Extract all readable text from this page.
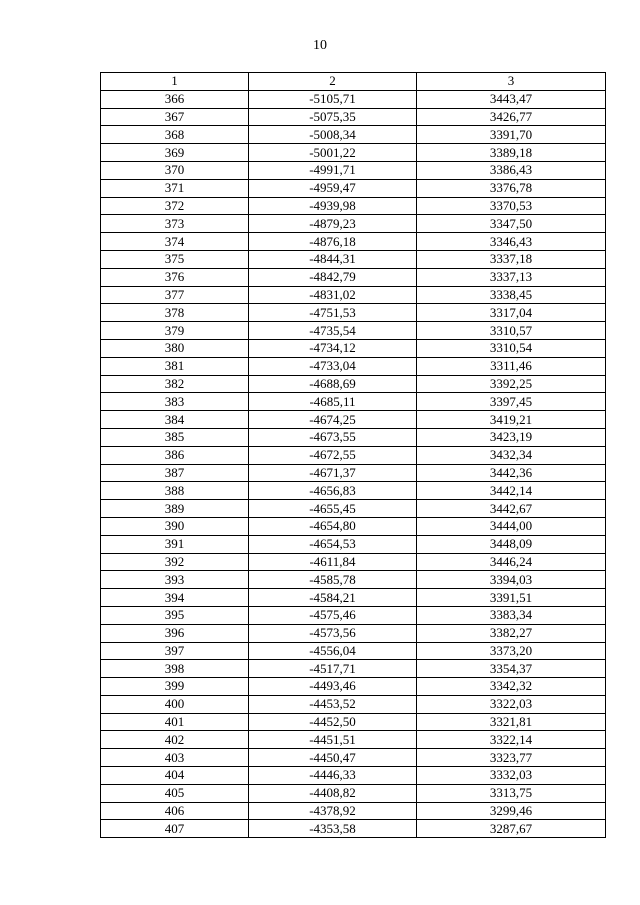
10
1	2	3
366	-5105,71	3443,47
367	-5075,35	3426,77
368	-5008,34	3391,70
369	-5001,22	3389,18
370	-4991,71	3386,43
371	-4959,47	3376,78
372	-4939,98	3370,53
373	-4879,23	3347,50
374	-4876,18	3346,43
375	-4844,31	3337,18
376	-4842,79	3337,13
377	-4831,02	3338,45
378	-4751,53	3317,04
379	-4735,54	3310,57
380	-4734,12	3310,54
381	-4733,04	3311,46
382	-4688,69	3392,25
383	-4685,11	3397,45
384	-4674,25	3419,21
385	-4673,55	3423,19
386	-4672,55	3432,34
387	-4671,37	3442,36
388	-4656,83	3442,14
389	-4655,45	3442,67
390	-4654,80	3444,00
391	-4654,53	3448,09
392	-4611,84	3446,24
393	-4585,78	3394,03
394	-4584,21	3391,51
395	-4575,46	3383,34
396	-4573,56	3382,27
397	-4556,04	3373,20
398	-4517,71	3354,37
399	-4493,46	3342,32
400	-4453,52	3322,03
401	-4452,50	3321,81
402	-4451,51	3322,14
403	-4450,47	3323,77
404	-4446,33	3332,03
405	-4408,82	3313,75
406	-4378,92	3299,46
407	-4353,58	3287,67
